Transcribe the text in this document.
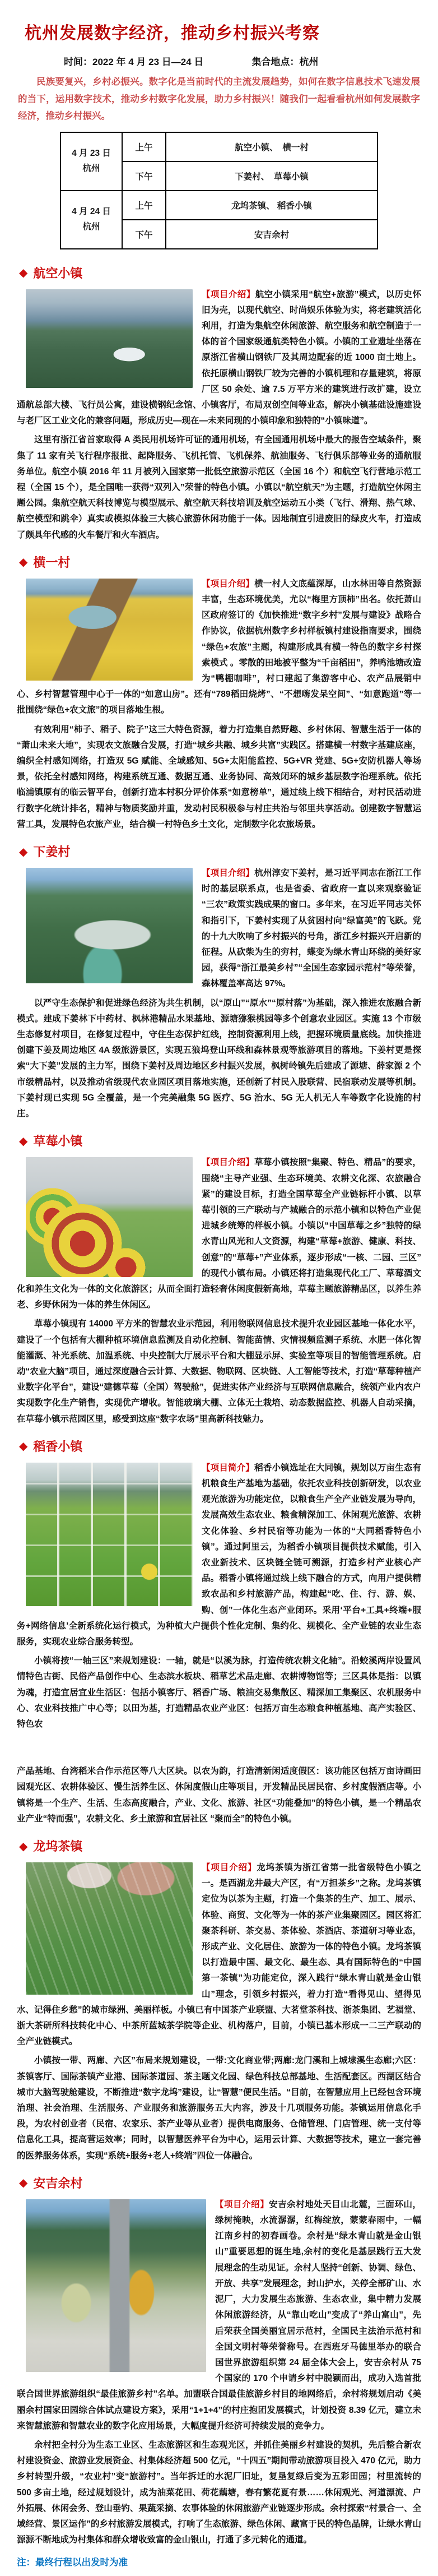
杭州发展数字经济，推动乡村振兴考察
时间：2022 年 4 月 23 日—24 日	集合地点：杭州

民族要复兴，乡村必振兴。数字化是当前时代的主流发展趋势，如何在数字信息技术飞速发展的当下，运用数字技术，推动乡村数字化发展，助力乡村振兴！随我们一起看看杭州如何发展数字经济，推动乡村振兴。

4 月 23 日
杭州	上午	航空小镇、　横一村
	下午	下姜村、　草莓小镇

4 月 24 日
杭州	上午	龙坞茶镇、 稻香小镇
	下午	安吉余村
◆ 航空小镇

【项目介绍】航空小镇采用“航空+旅游”模式，以历史怀旧为壳，以现代航空、时尚娱乐体验为实，将老建筑活化利用，打造为集航空休闲旅游、航空服务和航空制造于一体的首个国家级通航类特色小镇。小镇的工业遗址坐落在原浙江省横山钢铁厂及其周边配套的近 1000 亩土地上。依托原横山钢铁厂较为完善的小镇机理和存量建筑，将原厂区 50 余处、逾 7.5 万平方米的建筑进行改扩建，设立通航总部大楼、飞行员公寓，建设横钢纪念馆、小镇客厅，布局双创空间等业态，解决小镇基础设施建设与老厂区工业文化的兼容问题，形成历史—现在—未来同现的小镇印象和独特的“小镇味道”。

这里有浙江省首家取得 A 类民用机场许可证的通用机场，有全国通用机场中最大的报告空域条件，聚集了 11 家有关飞行程序报批、起降服务、飞机托管、飞机保养、航油服务、飞行俱乐部等业务的通航服务单位。航空小镇 2016 年 11 月被列入国家第一批低空旅游示范区（全国 16 个）和航空飞行营地示范工程（全国 15 个），是全国唯一获得“双列入”荣誉的特色小镇。小镇以“航空航天”为主题，打造航空休闲主题公园。集航空航天科技博览与模型展示、航空航天科技培训及航空运动五小类（飞行、滑翔、热气球、航空模型和跳伞）真实或模拟体验三大核心旅游休闲功能于一体。因地制宜引进废旧的绿皮火车，打造成了颇具年代感的火车餐厅和火车酒店。

◆ 横一村

【项目介绍】横一村人文底蕴深厚，山水林田等自然资源丰富，生态环境优美，尤以“梅里方顶柿”出名。依托萧山区政府签订的《加快推进“数字乡村”发展与建设》战略合作协议，依据杭州数字乡村样板镇村建设指南要求，围绕“绿色+农旅”主题，构建形成具有横一特色的数字乡村探索模式 。零散的田地被平整为“千亩稻田”，养鸭池塘改造为“鸭棚咖啡”，村口建起了集游客中心、农产品展销中心、乡村智慧管理中心于一体的“如意山房”。还有“789稻田烧烤”、“不想嗨发呆空间”、“如意跑道”等一批围绕“绿色+农文旅”的项目落地生根。

有效利用“柿子、稻子、院子”这三大特色资源，着力打造集自然野趣、乡村休闲、智慧生活于一体的“萧山未来大地”，实现农文旅融合发展，打造“城乡共融、城乡共富”实践区。搭建横一村数字基建底座，编织全村感知网络，打造双 5G 赋能、全域感知、5G+太阳能监控、5G+VR 党建、5G+安防机器人等场景，依托全村感知网络，构建系统互通、数据互通、业务协同、高效闭环的城乡基层数字治理系统。依托临浦镇原有的临云智平台，创新打造本村积分评价体系“如意榜单”，通过线上线下相结合，对村民活动进行数字化统计排名，精神与物质奖励并重，发动村民积极参与村庄共治与邻里共享活动。创建数字智慧运营工具，发展特色农旅产业，结合横一村特色乡土文化，定制数字化农旅场景。

◆ 下姜村

【项目介绍】杭州淳安下姜村，是习近平同志在浙江工作时的基层联系点，也是省委、省政府一直以来观察验证“三农”政策实践成果的窗口。多年来，在习近平同志关怀和指引下，下姜村实现了从贫困村向“绿富美”的飞跃。党的十九大吹响了乡村振兴的号角，浙江乡村振兴开启新的征程。从砍柴为生的穷村，蝶变为绿水青山环绕的美好家园，获得“浙江最美乡村”“全国生态家园示范村”等荣誉，森林覆盖率高达 97%。

以严守生态保护和促进绿色经济为共生机制，以“原山”“原水”“原村落”为基础，深入推进农旅融合新模式。建成下姜林下中药材、枫林港精品水果基地、源塘猕猴桃园等多个创意农业园区。实施 13 个市级生态修复村项目，在修复过程中，守住生态保护红线，控制资源利用上线，把握环境质量底线。加快推进创建下姜及周边地区 4A 级旅游景区，实现五狼坞登山环线和森林景观等旅游项目的落地。下姜村更是探索“大下姜”发展的主力军，围绕下姜村及周边地区乡村振兴发展，枫树岭镇先后建成了源塘、薛家源 2 个市级精品村，以及推动省级现代农业园区项目落地实施，还创新了村民入股联营、民宿联动发展等机制。下姜村现已实现 5G 全覆盖，是一个完美融集 5G 医疗、5G 治水、5G 无人机无人车等数字化设施的村庄。

◆ 草莓小镇

【项目介绍】草莓小镇按照“集聚、特色、精品”的要求，围绕“主导产业强、生态环境美、农耕文化深、农旅融合紧”的建设目标，打造全国草莓全产业链标杆小镇、以草莓引领的三产联动与产城融合的示范小镇和以特色产业促进城乡统筹的样板小镇。小镇以“中国草莓之乡”独特的绿水青山风光和人文资源，构建“草莓+旅游、健康、科技、创意”的“草莓+”产业体系，逐步形成“一核、二园、三区”的现代小镇布局。小镇还将打造集现代化工厂、草莓酒文化和养生文化为一体的文化旅游区；从而全面打造轻奢休闲度假新高地，草莓主题旅游精品区，以养生养老、乡野休闲为一体的养生休闲区。

草莓小镇现有 14000 平方米的智慧农业示范园，利用物联网信息技术提升农业园区基地一体化水平，建设了一个包括有大棚种植环境信息监测及自动化控制、智能苗情、灾情视频监测子系统、水肥一体化智能灌溉、补光系统、加温系统、中央控制大厅展示平台和大棚显示屏、实验室等项目的智能管理系统。启动“农业大脑”项目，通过深度融合云计算、大数据、物联网、区块链、人工智能等技术，打造“草莓种植产业数字化平台”，建设“建德草莓（全国）驾驶舱”，促进实体产业经济与互联网信息融合，统领产业内农户实现数字化生产销售，实现优产增收。智能玻璃大棚、立体无土栽培、动态数据监控、机器人自动采摘，在草莓小镇示范园区里，感受到这座“数字农场”里高新科技魅力。

◆ 稻香小镇

【项目简介】稻香小镇选址在大同镇，规划以万亩生态有机粮食生产基地为基础，依托农业科技创新研发，以农业观光旅游为功能定位，以粮食生产全产业链发展为导向，发展高效生态农业、粮食精深加工、休闲观光旅游、农耕文化体验、乡村民宿等功能为一体的“大同稻香特色小镇”。通过阿里云，为稻香小镇项目提供技术赋能，引入农业新技术、区块链全链可溯源，打造乡村产业核心产品。稻香小镇将通过线上线下融合的方式，向用户提供精致农品和乡村旅游产品，构建起“吃、住、行、游、娱、购、创”一体化生态产业闭环。采用‘平台+工具+终端+服务+网络信息’全新系统化运行模式，为种植大户提供个性化定制、集约化、规模化、全产业链的农业生态服务，实现农业综合服务转型。

小镇将按“一轴三区”来规划建设：一轴，就是“以溪为脉，打造传统农耕文化轴”。沿蛟溪两岸设置风情特色古街、民俗产品创作中心、生态滨水板块、稻草艺术品走廊、农耕博物馆等；三区具体是指：以镇为魂，打造宜居宜业生活区：包括小镇客厅、稻香广场、粮油交易集散区、精深加工集聚区、农机服务中心、农业科技推广中心等；以田为基，打造精品农业产业区：包括万亩生态粮食种植基地、高产实验区、特色农

产品基地、台湾稻米合作示范区等八大区块。以农为韵，打造清新闲适度假区：该功能区包括万亩诗画田园观光区、农耕体验区、慢生活养生区、休闲度假山庄等项目，开发精品民居民宿、乡村度假酒店等。小镇将是一个生产、生活、生态高度融合，产业、文化、旅游、社区“功能叠加”的特色小镇，是一个精品农业产业“特而强”，农耕文化、乡土旅游和宜居社区 “聚而全”的特色小镇。

◆ 龙坞茶镇

【项目介绍】龙坞茶镇为浙江省第一批省级特色小镇之一。是西湖龙井最大产区，有“万担茶乡”之称。龙坞茶镇定位为以茶为主题，打造一个集茶的生产、加工、展示、体验、商贸、文化等为一体的茶产业集聚园区。园区将汇聚茶科研、茶交易、茶体验、茶酒店、茶道研习等业态，形成产业、文化居住、旅游为一体的特色小镇。龙坞茶镇以打造最中国、最文化、最生态、具有国际特色的“中国第一茶镇”为功能定位，深入践行“绿水青山就是金山银山”理念，引领乡村振兴，着力打造“看得见山、望得见水、记得住乡愁”的城市绿洲、美丽样板。小镇已有中国茶产业联盟、大茗堂茶科技、浙茶集团、艺福堂、浙大茶研所科技转化中心、中茶所蓝城茶学院等企业、机构落户，目前，小镇已基本形成一二三产联动的全产业链模式。

小镇按一带、两廊、六区”布局来规划建设，一带:文化商业带;两廊:龙门溪和上城埭溪生态廊;六区：茶镇客厅、国际茶镇产业港、国际茶道园、茶主题文化园、绿色科技总部基地、生活配套区。西湖区结合城市大脑驾驶舱建设，不断推进“数字龙坞”建设，让“智慧”便民生活。“目前，在智慧应用上已经包含环境治理、社会治理、生活服务、产业服务和旅游服务五大内容，涉及十几项服务功能。茶镇运用信息化手段，为农村创业者（民宿、农家乐、茶产业等从业者）提供电商服务、仓储管理、门店管理、统一支付等信息化工具，提高营运效率；同时，以智慧医养平台为中心，运用云计算、大数据等技术，建立一套完善的医养服务体系，实现“系统+服务+老人+终端”四位一体融合。

◆ 安吉余村

【项目介绍】安吉余村地处天目山北麓，三面环山，绿树掩映，水流潺潺，红梅绽放，蒙蒙春雨中，一幅江南乡村的初春画卷。余村是“绿水青山就是金山银山”重要思想的诞生地,余村的变化是基层践行五大发展理念的生动见证。余村人坚持“创新、协调、绿色、开放、共享”发展理念，封山护水，关停全部矿山、水泥厂，大力发展生态旅游、生态农业，集中精力发展休闲旅游经济，从“靠山吃山”变成了“养山富山”，先后荣获全国美丽宜居示范村，全国民主法治示范村和全国文明村等荣誉称号。在西班牙马德里举办的联合国世界旅游组织第 24 届全体大会上，安吉余村从 75 个国家的 170 个申请乡村中脱颖而出，成功入选首批联合国世界旅游组织“最佳旅游乡村”名单。加盟联合国最佳旅游乡村目的地网络后，余村将规划启动《美丽余村国家田园综合体试点建设方案》，采用“1+1+4”的村庄抱团发展模式，计划投资 8.39 亿元，建立未来智慧旅游和智慧农业的数字化应用场景，大幅度提升经济可持续发展的竞争力。

余村把全村分为生态工业区、生态旅游区和生态观光区，并抓住美丽乡村建设的契机，先后整合新农村建设资金、旅游业发展资金、村集体经济超 500 亿元，“十四五”期间带动旅游项目投入 470 亿元，助力乡村转型升级，“农业村”变“旅游村”。当年拆迁的水泥厂旧址，复垦复绿后变为五彩田园；村里流转的 500 多亩土地，经过规划设计，成为油菜花田、荷花藕塘，春有繁花夏有景……休闲观光、河道漂流、户外拓展、休闲会务、登山垂钓、果蔬采摘、农事体验的休闲旅游产业链逐步形成。余村探索“村景合一、全域经营、景区运作”的乡村旅游发展模式，打响了生态旅游、绿色休闲、藏富于民的特色品牌，让绿水青山源源不断地成为村集体和群众增收致富的金山银山，打通了多元转化的通道。

注：最终行程以出发时为准
